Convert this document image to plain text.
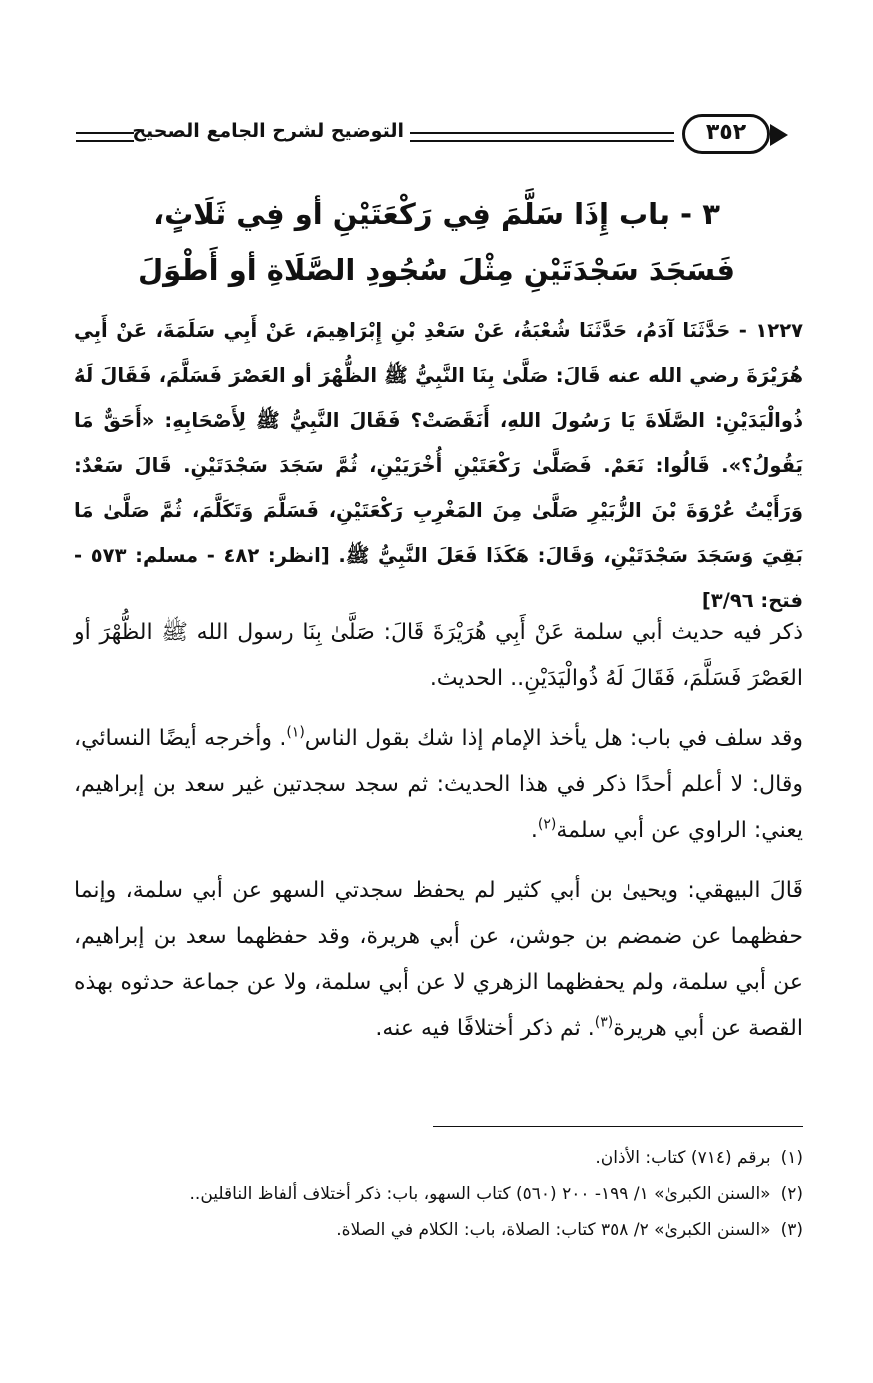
التوضيح لشرح الجامع الصحيح	٣٥٢
٣ - باب إِذَا سَلَّمَ فِي رَكْعَتَيْنِ أو فِي ثَلَاثٍ،
فَسَجَدَ سَجْدَتَيْنِ مِثْلَ سُجُودِ الصَّلَاةِ أو أَطْوَلَ
١٢٢٧ - حَدَّثَنَا آدَمُ، حَدَّثَنَا شُعْبَةُ، عَنْ سَعْدِ بْنِ إِبْرَاهِيمَ، عَنْ أَبِي سَلَمَةَ، عَنْ أَبِي هُرَيْرَةَ رضي الله عنه قَالَ: صَلَّىٰ بِنَا النَّبِيُّ ﷺ الظُّهْرَ أو العَصْرَ فَسَلَّمَ، فَقَالَ لَهُ ذُوالْيَدَيْنِ: الصَّلَاةَ يَا رَسُولَ اللهِ، أَنَقَصَتْ؟ فَقَالَ النَّبِيُّ ﷺ لِأَصْحَابِهِ: «أَحَقٌّ مَا يَقُولُ؟». قَالُوا: نَعَمْ. فَصَلَّىٰ رَكْعَتَيْنِ أُخْرَيَيْنِ، ثُمَّ سَجَدَ سَجْدَتَيْنِ. قَالَ سَعْدٌ: وَرَأَيْتُ عُرْوَةَ بْنَ الزُّبَيْرِ صَلَّىٰ مِنَ المَغْرِبِ رَكْعَتَيْنِ، فَسَلَّمَ وَتَكَلَّمَ، ثُمَّ صَلَّىٰ مَا بَقِيَ وَسَجَدَ سَجْدَتَيْنِ، وَقَالَ: هَكَذَا فَعَلَ النَّبِيُّ ﷺ. [انظر: ٤٨٢ - مسلم: ٥٧٣ - فتح: ٣/٩٦]
ذكر فيه حديث أبي سلمة عَنْ أَبِي هُرَيْرَةَ قَالَ: صَلَّىٰ بِنَا رسول الله ﷺ الظُّهْرَ أو العَصْرَ فَسَلَّمَ، فَقَالَ لَهُ ذُوالْيَدَيْنِ.. الحديث.
وقد سلف في باب: هل يأخذ الإمام إذا شك بقول الناس$^{(١)}$. وأخرجه أيضًا النسائي، وقال: لا أعلم أحدًا ذكر في هذا الحديث: ثم سجد سجدتين غير سعد بن إبراهيم، يعني: الراوي عن أبي سلمة$^{(٢)}$.
قَالَ البيهقي: ويحيىٰ بن أبي كثير لم يحفظ سجدتي السهو عن أبي سلمة، وإنما حفظهما عن ضمضم بن جوشن، عن أبي هريرة، وقد حفظهما سعد بن إبراهيم، عن أبي سلمة، ولم يحفظهما الزهري لا عن أبي سلمة، ولا عن جماعة حدثوه بهذه القصة عن أبي هريرة$^{(٣)}$. ثم ذكر أختلافًا فيه عنه.
(١)برقم (٧١٤) كتاب: الأذان.
(٢)«السنن الكبرىٰ» ١/ ١٩٩- ٢٠٠ (٥٦٠) كتاب السهو، باب: ذكر أختلاف ألفاظ الناقلين..
(٣)«السنن الكبرىٰ» ٢/ ٣٥٨ كتاب: الصلاة، باب: الكلام في الصلاة.
